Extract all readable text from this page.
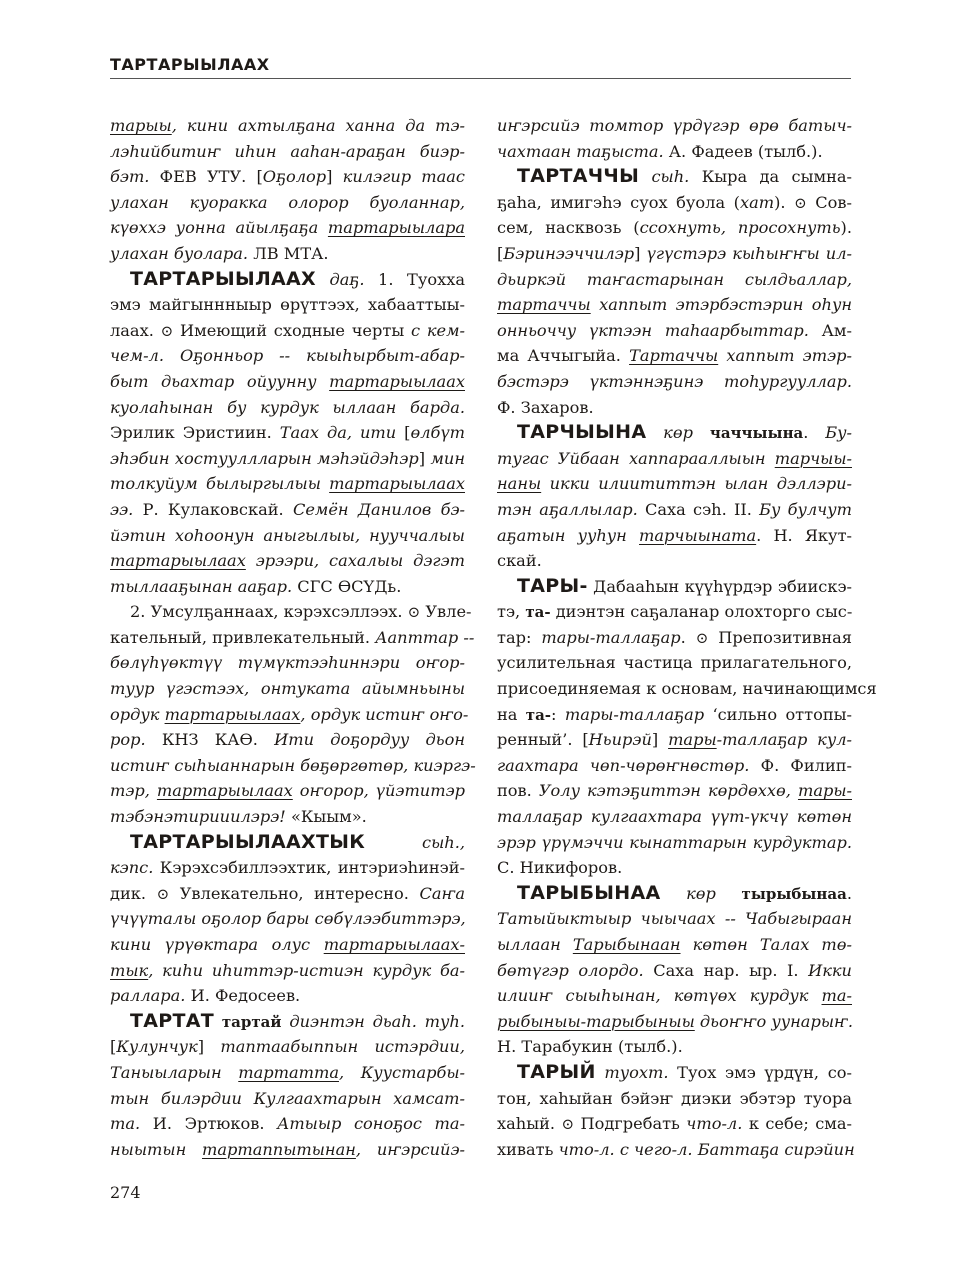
ТАРТАРЫЫЛААХ
тарыы, кини ахтылҕана ханна да тэ-
лэһийбитиҥ иһин ааһан-араҕан биэр-
бэт. ФЕВ УТУ. [Оҕолор] килэгир таас
улахан куоракка олорор буоланнар,
күөххэ уонна айылҕаҕа тартарыылара
улахан буолара. ЛВ МТА.
ТАРТАРЫЫЛААХ даҕ. 1. Туохха
эмэ майгыннныыр өрүттээх, хабааттыы-
лаах. ⊙ Имеющий сходные черты с кем-
чем-л. Оҕонньор -- кыыһырбыт-абар-
быт дьахтар ойуунну тартарыылаах
куолаһынан бу курдук ыллаан барда.
Эрилик Эристиин. Таах да, ити [өлбүт
эһэбин хостууллларын мэһэйдэһэр] мин
толкуйум былыргылыы тартарыылаах
ээ. Р. Кулаковскай. Семён Данилов бэ-
йэтин хоһоонун аныгылыы, нууччалыы
тартарыылаах эрээри, сахалыы дэгэт
тыллааҕынан ааҕар. СГС ӨСҮДь.
2. Умсулҕаннаах, кэрэхсэллээх. ⊙ Увле-
кательный, привлекательный. Аапттар --
бөлүһүөктүү түмүктээһиннэри оҥор-
туур үгэстээх, онтуката айымньыны
ордук тартарыылаах, ордук истиҥ оҥо-
рор. КНЗ КАӨ. Ити доҕордуу дьон
истиҥ сыһыаннарын бөҕөргөтөр, киэргэ-
тэр, тартарыылаах оҥорор, үйэтитэр
тэбэнэтирииилэрэ! «Кыым».
ТАРТАРЫЫЛААХТЫК сыһ.,
кэпс. Кэрэхсэбиллээхтик, интэриэһинэй-
дик. ⊙ Увлекательно, интересно. Саҥа
үчүүталы оҕолор бары сөбүлээбиттэрэ,
кини үрүөктара олус тартарыылаах-
тык, киһи иһиттэр-истиэн курдук ба-
раллара. И. Федосеев.
ТАРТАТ тартай диэнтэн дьаһ. туһ.
[Кулунчук] таптаабыппын истэрдии,
Таныыларын тартатта, Куустарбы-
тын билэрдии Кулгаахтарын хамсат-
та. И. Эртюков. Атыыр соноҕос та-
ныытын тартаппытынан, иҥэрсийэ-
иҥэрсийэ томтор үрдүгэр өрө батыч-
чахтаан таҕыста. А. Фадеев (тылб.).
ТАРТАЧЧЫ сыһ. Кыра да сымна-
ҕаһа, имигэһэ суох буола (хат). ⊙ Сов-
сем, насквозь (ссохнуть, просохнуть).
[Бэринээччилэр] үгүстэрэ кыһыҥҥы ил-
дьиркэй таҥастарынан сылдьаллар,
тартаччы хаппыт этэрбэстэрин оһун
онньоччу үктээн таһаарбыттар. Ам-
ма Аччыгыйа. Тартаччы хаппыт этэр-
бэстэрэ үктэннэҕинэ тоһургууллар.
Ф. Захаров.
ТАРЧЫЫНА көр чаччыына. Бу-
тугас Уйбаан хаппарааллыын тарчыы-
наны икки илиититтэн ылан дэллэри-
тэн аҕаллылар. Саха сэһ. II. Бу булчут
аҕатын ууһун тарчыыната. Н. Якут-
скай.
ТАРЫ- Дабааһын күүһүрдэр эбиискэ-
тэ, та- диэнтэн саҕаланар олохторго сыс-
тар: тары-таллаҕар. ⊙ Препозитивная
усилительная частица прилагательного,
присоединяемая к основам, начинающимся
на та-: тары-таллаҕар ‘сильно оттопы-
ренный’. [Ньирэй] тары-таллаҕар кул-
гаахтара чөп-чөрөҥнөстөр. Ф. Филип-
пов. Уолу кэтэҕиттэн көрдөххө, тары-
таллаҕар кулгаахтара үүт-үкчү көтөн
эрэр үрүмэччи кынаттарын курдуктар.
С. Никифоров.
ТАРЫБЫНАА көр тырыбынаа.
Татыйыктыыр чыычаах -- Чабыгыраан
ыллаан Тарыбынаан көтөн Талах тө-
бөтүгэр олордо. Саха нар. ыр. I. Икки
илииҥ сыыһынан, көтүөх курдук та-
рыбыныы-тарыбыныы дьоҥҥо уунарыҥ.
Н. Тарабукин (тылб.).
ТАРЫЙ туохт. Туох эмэ үрдүн, со-
тон, хаһыйан бэйэҥ диэки эбэтэр туора
хаһый. ⊙ Подгребать что-л. к себе; сма-
хивать что-л. с чего-л. Баттаҕа сирэйин
274
